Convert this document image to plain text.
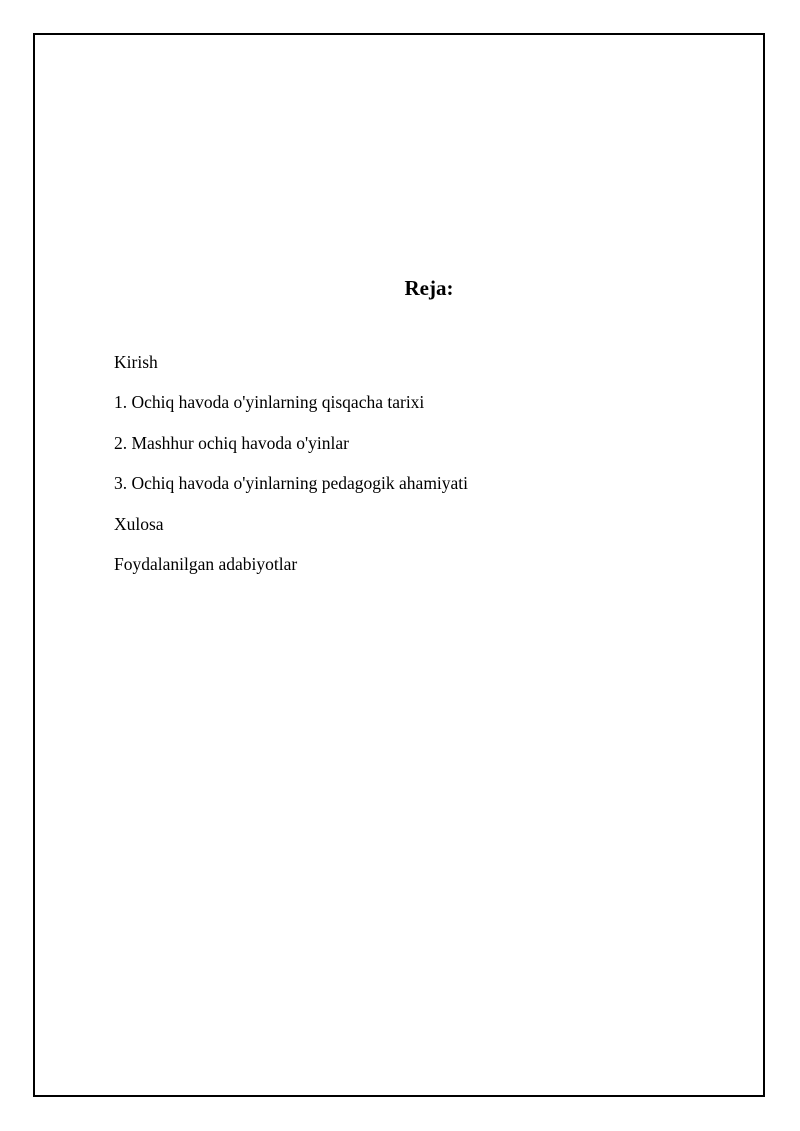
Reja:
Kirish
1. Ochiq havoda o'yinlarning qisqacha tarixi
2. Mashhur ochiq havoda o'yinlar
3. Ochiq havoda o'yinlarning pedagogik ahamiyati
Xulosa
Foydalanilgan adabiyotlar
